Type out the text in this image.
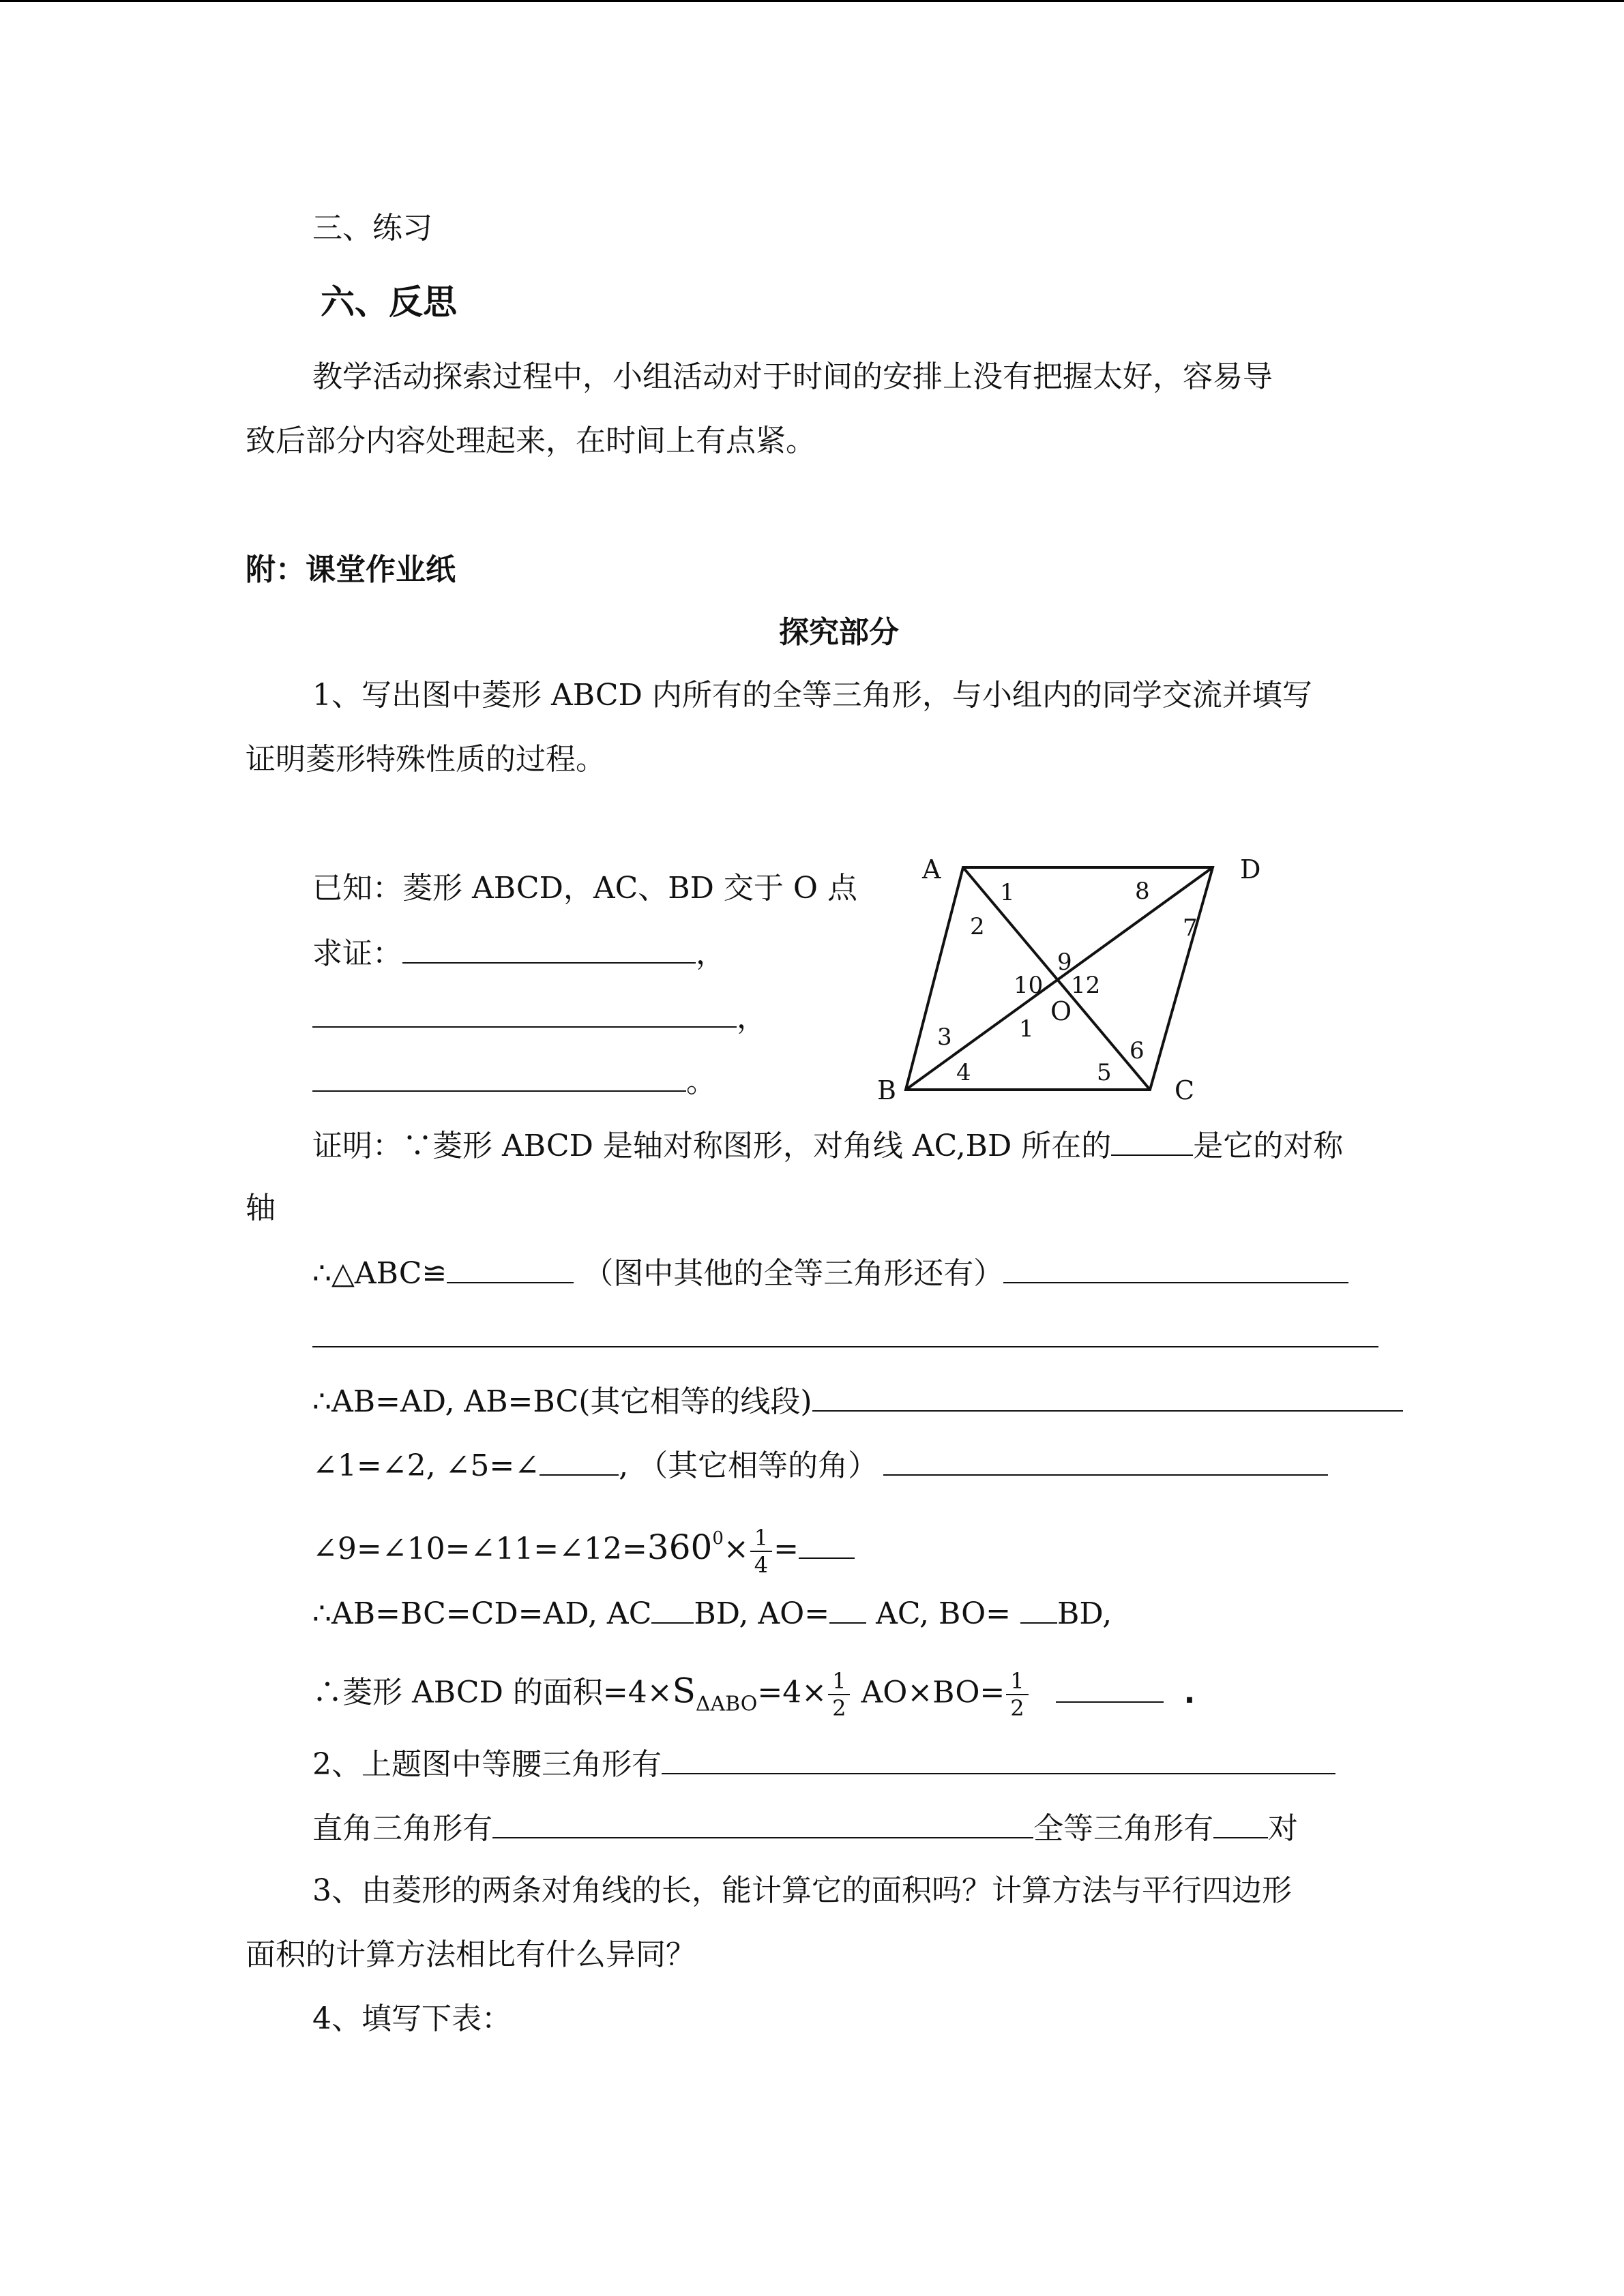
三、练习
六、反思
教学活动探索过程中，小组活动对于时间的安排上没有把握太好，容易导
致后部分内容处理起来，在时间上有点紧。
附：课堂作业纸
探究部分
1、写出图中菱形 ABCD 内所有的全等三角形，与小组内的同学交流并填写
证明菱形特殊性质的过程。
已知：菱形 ABCD，AC、BD 交于 O 点
求证：	，
，
。
A	D
B	C
O
1
2
8
7
9
10 12
1
3
4	5
6
证明：∵菱形 ABCD 是轴对称图形，对角线 AC,BD 所在的	是它的对称
轴
∴△ABC≌	（图中其他的全等三角形还有）
∴AB=AD, AB=BC(其它相等的线段)
∠1=∠2, ∠5=∠	, （其它相等的角）
$\angle 9=\angle 10=\angle 11=\angle 12=360^0\times \frac{1}{4}$ =
∴AB=BC=CD=AD, AC BD, AO= AC, BO= BD,
∴菱形 ABCD 的面积$=4\times S_{\Delta ABO}=4\times \frac{1}{2} AO\times BO= \frac{1}{2}$	.
2、上题图中等腰三角形有
直角三角形有	全等三角形有 对
3、由菱形的两条对角线的长，能计算它的面积吗？计算方法与平行四边形
面积的计算方法相比有什么异同？
4、填写下表：
